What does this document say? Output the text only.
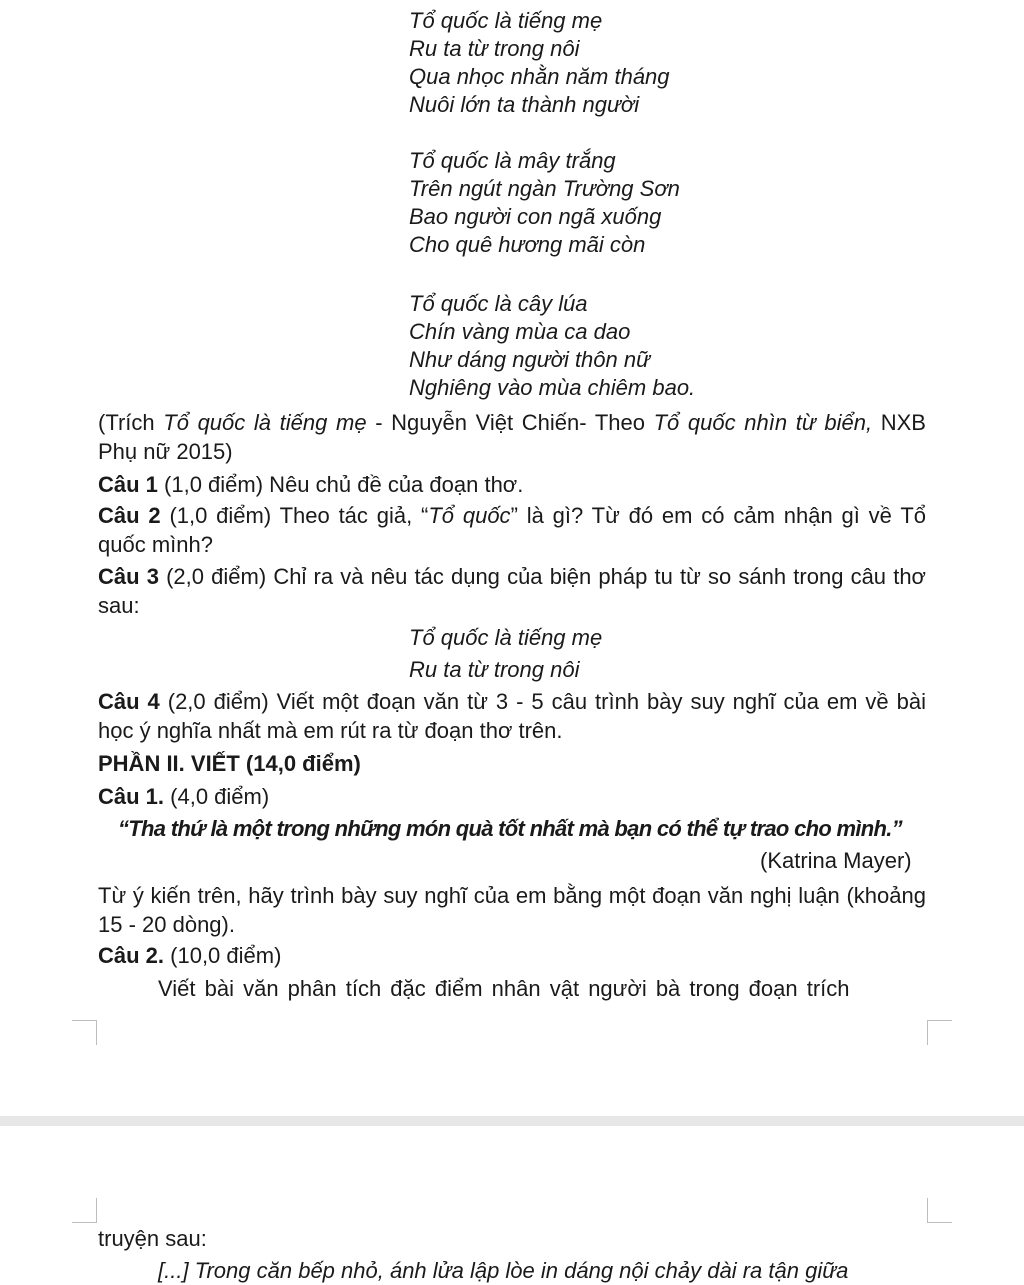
Tổ quốc là tiếng mẹ
Ru ta từ trong nôi
Qua nhọc nhằn năm tháng
Nuôi lớn ta thành người
Tổ quốc là mây trắng
Trên ngút ngàn Trường Sơn
Bao người con ngã xuống
Cho quê hương mãi còn
Tổ quốc là cây lúa
Chín vàng mùa ca dao
Như dáng người thôn nữ
Nghiêng vào mùa chiêm bao.
(Trích Tổ quốc là tiếng mẹ - Nguyễn Việt Chiến- Theo Tổ quốc nhìn từ biển, NXB Phụ nữ 2015)
Câu 1 (1,0 điểm) Nêu chủ đề của đoạn thơ.
Câu 2 (1,0 điểm) Theo tác giả, “Tổ quốc” là gì? Từ đó em có cảm nhận gì về Tổ quốc mình?
Câu 3 (2,0 điểm) Chỉ ra và nêu tác dụng của biện pháp tu từ so sánh trong câu thơ sau:
Tổ quốc là tiếng mẹ
Ru ta từ trong nôi
Câu 4 (2,0 điểm) Viết một đoạn văn từ 3 - 5 câu trình bày suy nghĩ của em về bài học ý nghĩa nhất mà em rút ra từ đoạn thơ trên.
PHẦN II. VIẾT (14,0 điểm)
Câu 1. (4,0 điểm)
“Tha thứ là một trong những món quà tốt nhất mà bạn có thể tự trao cho mình.”
(Katrina Mayer)
Từ ý kiến trên, hãy trình bày suy nghĩ của em bằng một đoạn văn nghị luận (khoảng 15 - 20 dòng).
Câu 2. (10,0 điểm)
Viết bài văn phân tích đặc điểm nhân vật người bà trong đoạn trích
truyện sau:
[...] Trong căn bếp nhỏ, ánh lửa lập lòe in dáng nội chảy dài ra tận giữa
